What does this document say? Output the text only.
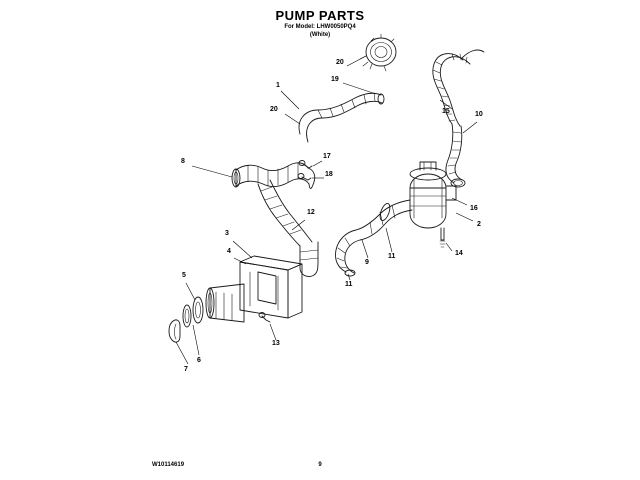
PUMP PARTS
For Model: LHW0050PQ4
(White)
1
20
20
19
15	10
8
17
18
16
2
12
14
3
4
9
11
11
5
13
6
7
W10114619	9
